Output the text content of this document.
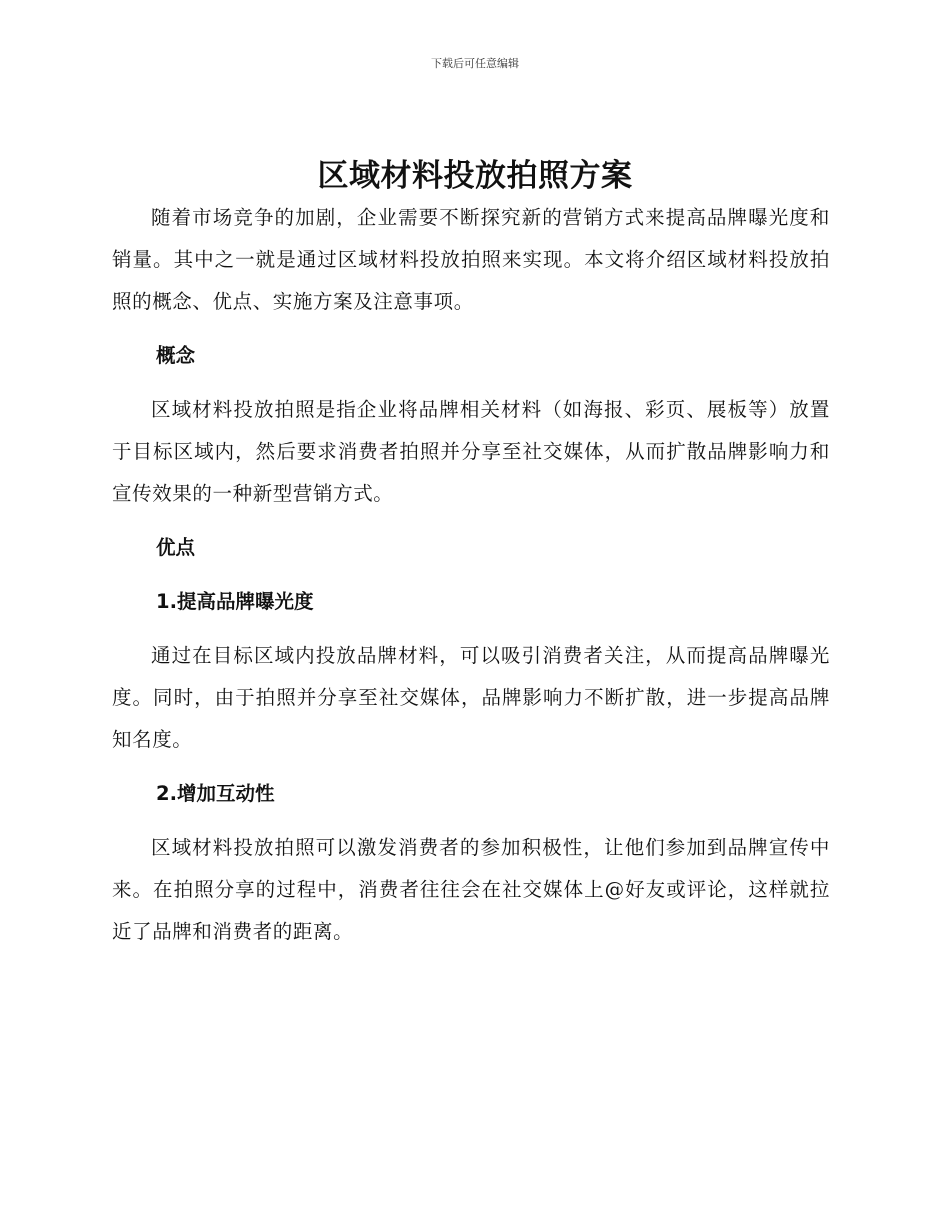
下载后可任意编辑
区域材料投放拍照方案

随着市场竞争的加剧，企业需要不断探究新的营销方式来提高品牌曝光度和销量。其中之一就是通过区域材料投放拍照来实现。本文将介绍区域材料投放拍照的概念、优点、实施方案及注意事项。

概念

区域材料投放拍照是指企业将品牌相关材料（如海报、彩页、展板等）放置于目标区域内，然后要求消费者拍照并分享至社交媒体，从而扩散品牌影响力和宣传效果的一种新型营销方式。

优点

1.提高品牌曝光度

通过在目标区域内投放品牌材料，可以吸引消费者关注，从而提高品牌曝光度。同时，由于拍照并分享至社交媒体，品牌影响力不断扩散，进一步提高品牌知名度。

2.增加互动性

区域材料投放拍照可以激发消费者的参加积极性，让他们参加到品牌宣传中来。在拍照分享的过程中，消费者往往会在社交媒体上@好友或评论，这样就拉近了品牌和消费者的距离。
